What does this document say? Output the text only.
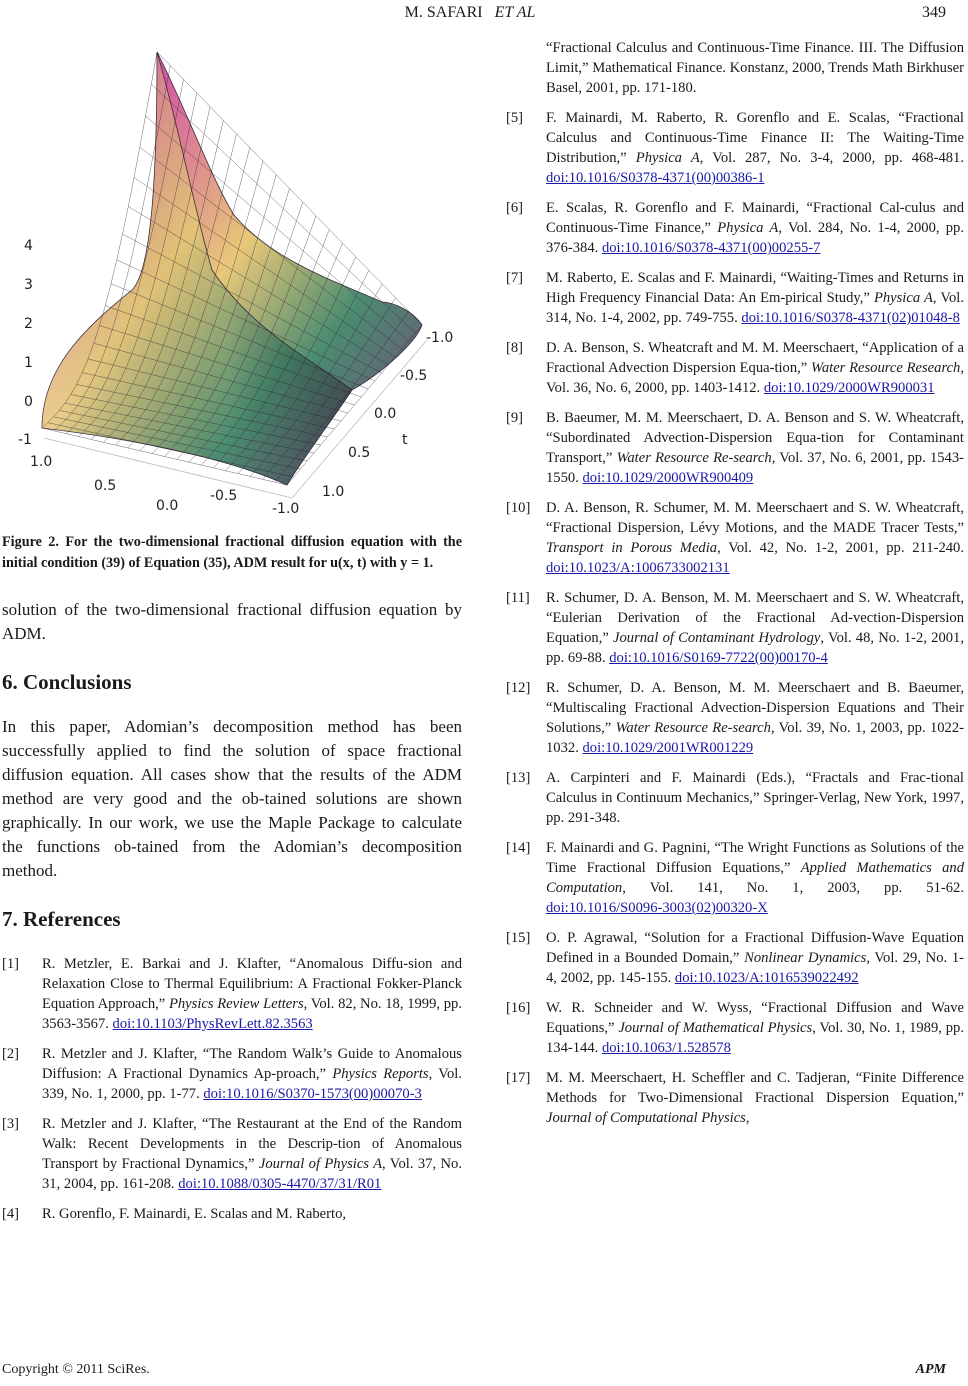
M. SAFARI ET AL	349
4
3
2
1
0
-1
-1.0
-0.5
0.0
0.5
1.0
t
1.0
0.5
0.0
-0.5
-1.0
Figure 2. For the two-dimensional fractional diffusion equation with the initial condition (39) of Equation (35), ADM result for u(x, t) with y = 1.

solution of the two-dimensional fractional diffusion equation by ADM.

6. Conclusions

In this paper, Adomian’s decomposition method has been successfully applied to find the solution of space fractional diffusion equation. All cases show that the results of the ADM method are very good and the ob-tained solutions are shown graphically. In our work, we use the Maple Package to calculate the functions ob-tained from the Adomian’s decomposition method.

7. References
[1] R. Metzler, E. Barkai and J. Klafter, “Anomalous Diffu-sion and Relaxation Close to Thermal Equilibrium: A Fractional Fokker-Planck Equation Approach,” Physics Review Letters, Vol. 82, No. 18, 1999, pp. 3563-3567. doi:10.1103/PhysRevLett.82.3563
[2] R. Metzler and J. Klafter, “The Random Walk’s Guide to Anomalous Diffusion: A Fractional Dynamics Ap-proach,” Physics Reports, Vol. 339, No. 1, 2000, pp. 1-77. doi:10.1016/S0370-1573(00)00070-3
[3] R. Metzler and J. Klafter, “The Restaurant at the End of the Random Walk: Recent Developments in the Descrip-tion of Anomalous Transport by Fractional Dynamics,” Journal of Physics A, Vol. 37, No. 31, 2004, pp. 161-208. doi:10.1088/0305-4470/37/31/R01
[4] R. Gorenflo, F. Mainardi, E. Scalas and M. Raberto,
“Fractional Calculus and Continuous-Time Finance. III. The Diffusion Limit,” Mathematical Finance. Konstanz, 2000, Trends Math Birkhuser Basel, 2001, pp. 171-180.
[5] F. Mainardi, M. Raberto, R. Gorenflo and E. Scalas, “Fractional Calculus and Continuous-Time Finance II: The Waiting-Time Distribution,” Physica A, Vol. 287, No. 3-4, 2000, pp. 468-481. doi:10.1016/S0378-4371(00)00386-1
[6] E. Scalas, R. Gorenflo and F. Mainardi, “Fractional Cal-culus and Continuous-Time Finance,” Physica A, Vol. 284, No. 1-4, 2000, pp. 376-384. doi:10.1016/S0378-4371(00)00255-7
[7] M. Raberto, E. Scalas and F. Mainardi, “Waiting-Times and Returns in High Frequency Financial Data: An Em-pirical Study,” Physica A, Vol. 314, No. 1-4, 2002, pp. 749-755. doi:10.1016/S0378-4371(02)01048-8
[8] D. A. Benson, S. Wheatcraft and M. M. Meerschaert, “Application of a Fractional Advection Dispersion Equa-tion,” Water Resource Research, Vol. 36, No. 6, 2000, pp. 1403-1412. doi:10.1029/2000WR900031
[9] B. Baeumer, M. M. Meerschaert, D. A. Benson and S. W. Wheatcraft, “Subordinated Advection-Dispersion Equa-tion for Contaminant Transport,” Water Resource Re-search, Vol. 37, No. 6, 2001, pp. 1543-1550. doi:10.1029/2000WR900409
[10] D. A. Benson, R. Schumer, M. M. Meerschaert and S. W. Wheatcraft, “Fractional Dispersion, Lévy Motions, and the MADE Tracer Tests,” Transport in Porous Media, Vol. 42, No. 1-2, 2001, pp. 211-240. doi:10.1023/A:1006733002131
[11] R. Schumer, D. A. Benson, M. M. Meerschaert and S. W. Wheatcraft, “Eulerian Derivation of the Fractional Ad-vection-Dispersion Equation,” Journal of Contaminant Hydrology, Vol. 48, No. 1-2, 2001, pp. 69-88. doi:10.1016/S0169-7722(00)00170-4
[12] R. Schumer, D. A. Benson, M. M. Meerschaert and B. Baeumer, “Multiscaling Fractional Advection-Dispersion Equations and Their Solutions,” Water Resource Re-search, Vol. 39, No. 1, 2003, pp. 1022-1032. doi:10.1029/2001WR001229
[13] A. Carpinteri and F. Mainardi (Eds.), “Fractals and Frac-tional Calculus in Continuum Mechanics,” Springer-Verlag, New York, 1997, pp. 291-348.
[14] F. Mainardi and G. Pagnini, “The Wright Functions as Solutions of the Time Fractional Diffusion Equations,” Applied Mathematics and Computation, Vol. 141, No. 1, 2003, pp. 51-62. doi:10.1016/S0096-3003(02)00320-X
[15] O. P. Agrawal, “Solution for a Fractional Diffusion-Wave Equation Defined in a Bounded Domain,” Nonlinear Dynamics, Vol. 29, No. 1-4, 2002, pp. 145-155. doi:10.1023/A:1016539022492
[16] W. R. Schneider and W. Wyss, “Fractional Diffusion and Wave Equations,” Journal of Mathematical Physics, Vol. 30, No. 1, 1989, pp. 134-144. doi:10.1063/1.528578
[17] M. M. Meerschaert, H. Scheffler and C. Tadjeran, “Finite Difference Methods for Two-Dimensional Fractional Dispersion Equation,” Journal of Computational Physics,
Copyright © 2011 SciRes.	APM
